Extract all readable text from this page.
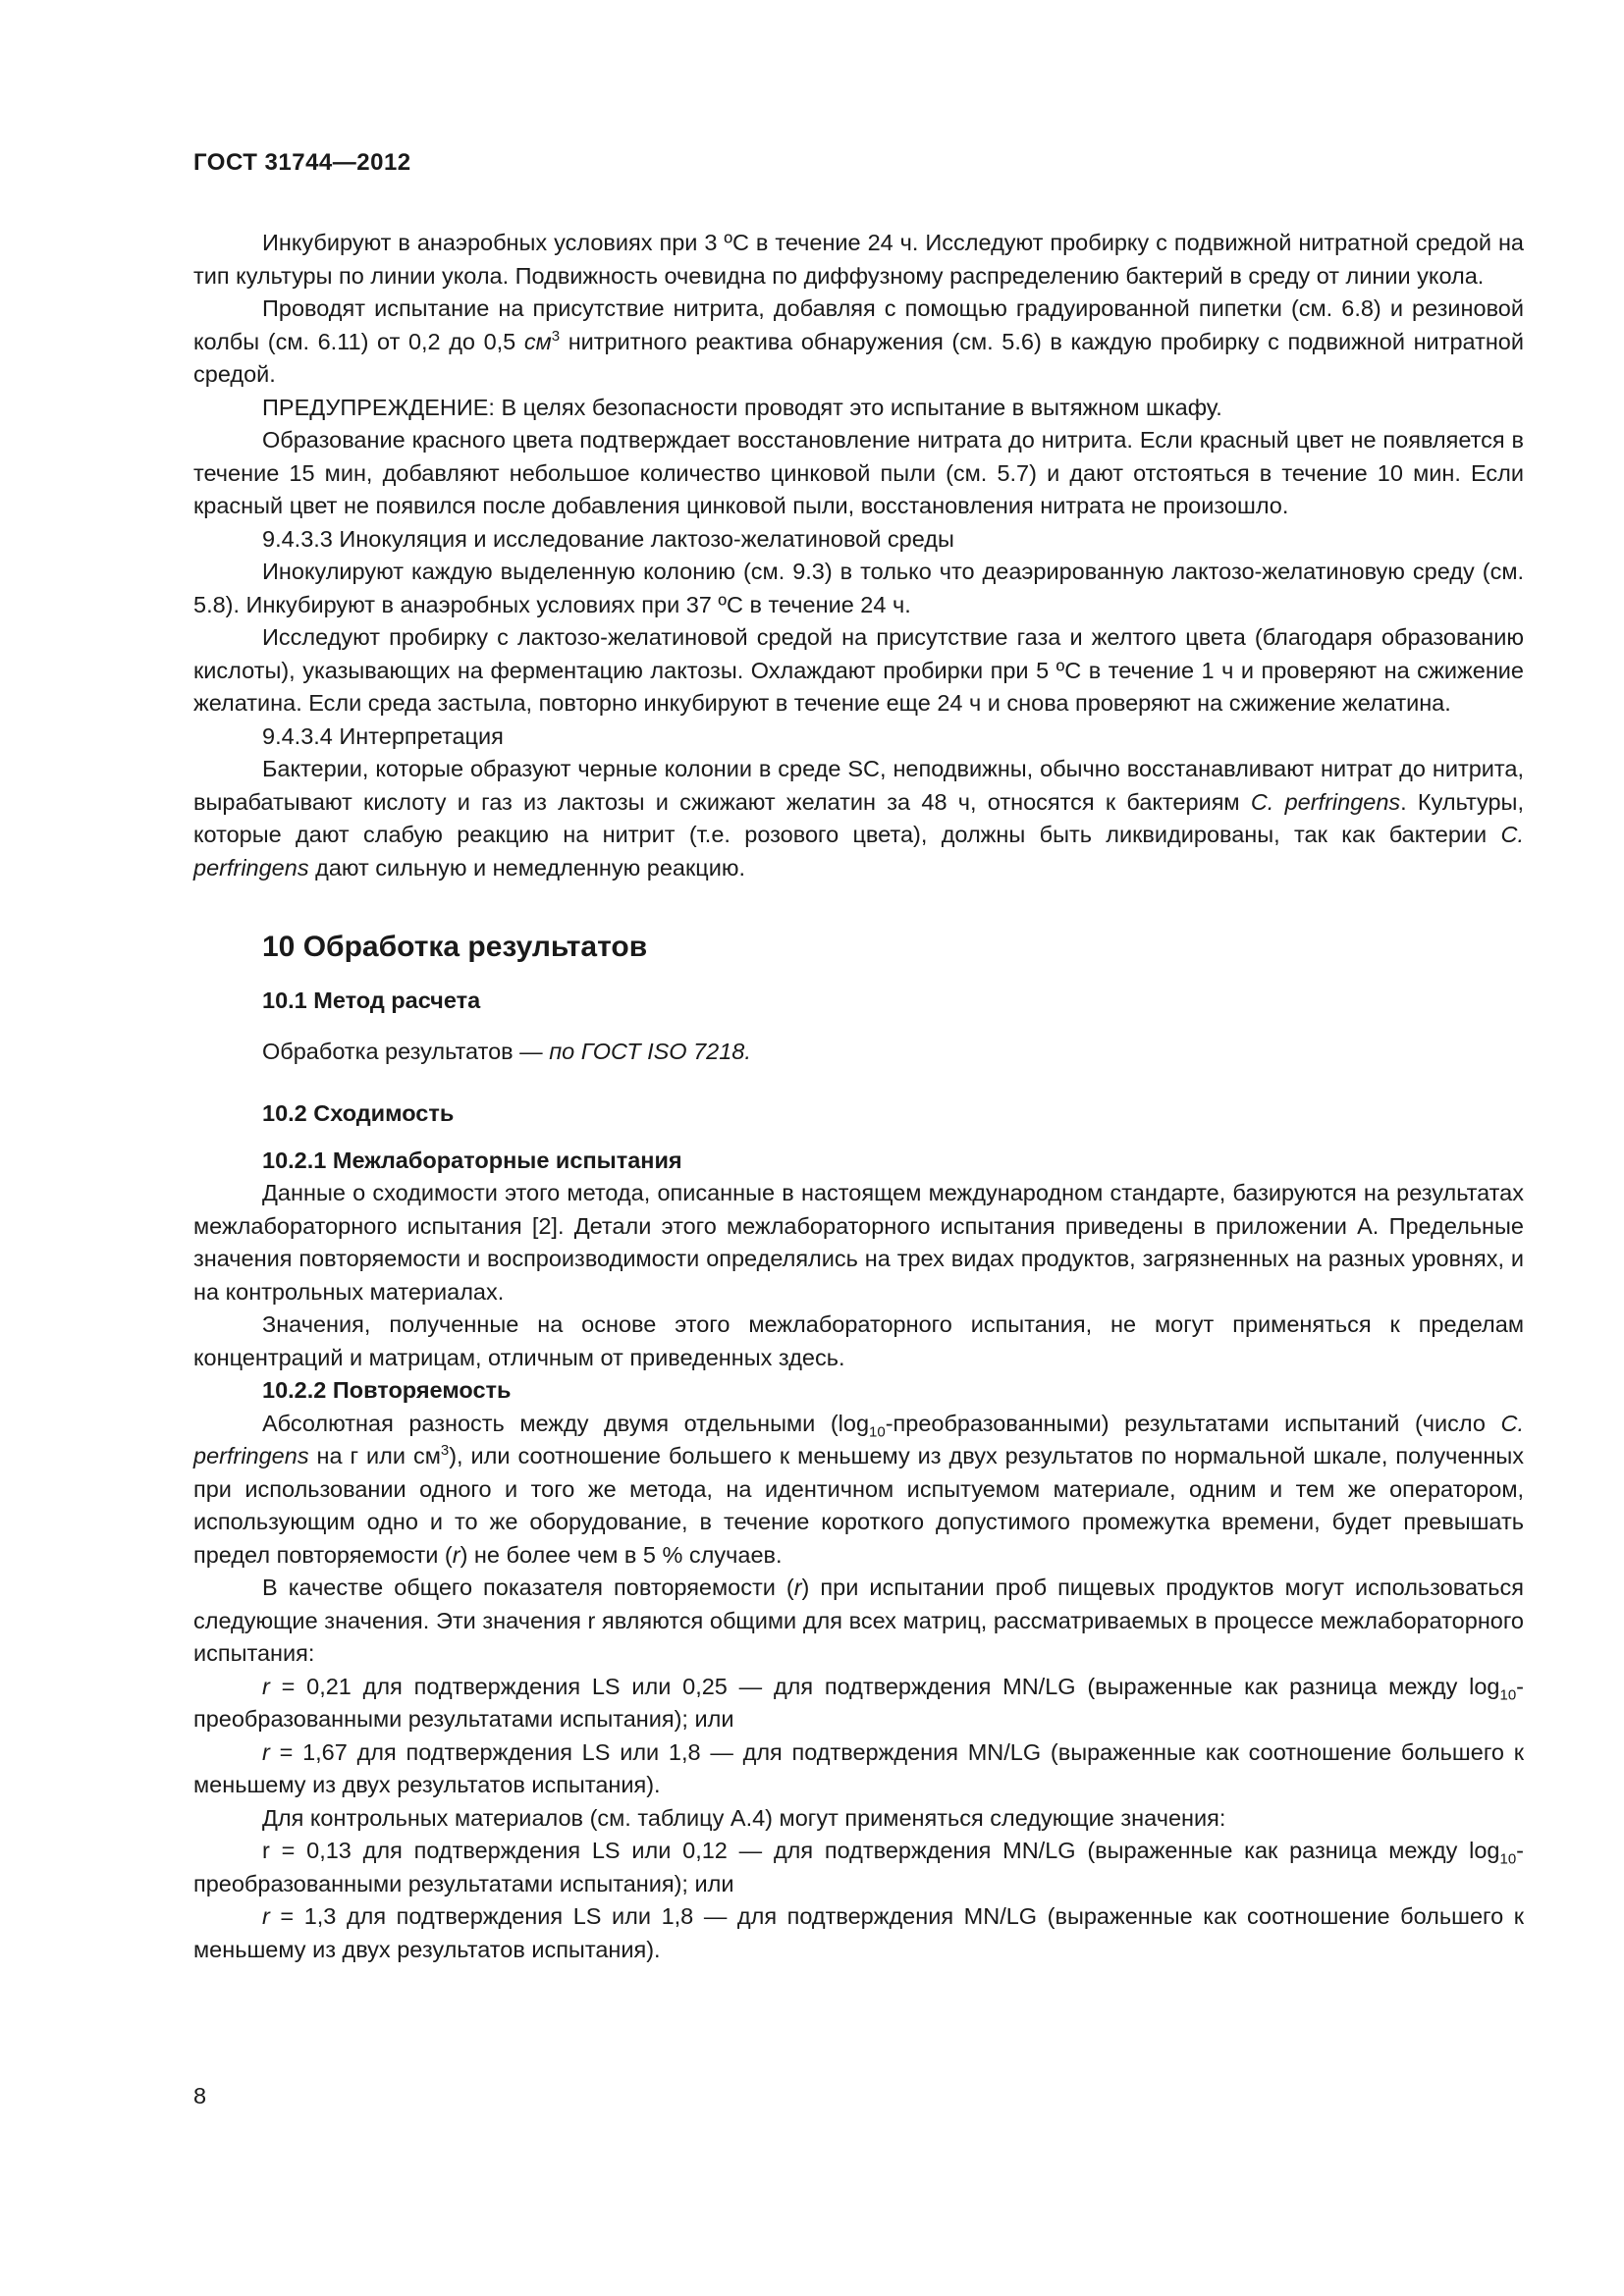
ГОСТ 31744—2012

Инкубируют в анаэробных условиях при 3 ºС в течение 24 ч. Исследуют пробирку с подвижной нитратной средой на тип культуры по линии укола. Подвижность очевидна по диффузному распределению бактерий в среду от линии укола.

Проводят испытание на присутствие нитрита, добавляя с помощью градуированной пипетки (см. 6.8) и резиновой колбы (см. 6.11) от 0,2 до 0,5 $см^3$ нитритного реактива обнаружения (см. 5.6) в каждую пробирку с подвижной нитратной средой.

ПРЕДУПРЕЖДЕНИЕ: В целях безопасности проводят это испытание в вытяжном шкафу.

Образование красного цвета подтверждает восстановление нитрата до нитрита. Если красный цвет не появляется в течение 15 мин, добавляют небольшое количество цинковой пыли (см. 5.7) и дают отстояться в течение 10 мин. Если красный цвет не появился после добавления цинковой пыли, восстановления нитрата не произошло.

9.4.3.3 Инокуляция и исследование лактозо-желатиновой среды

Инокулируют каждую выделенную колонию (см. 9.3) в только что деаэрированную лактозо-желатиновую среду (см. 5.8). Инкубируют в анаэробных условиях при 37 ºС в течение 24 ч.

Исследуют пробирку с лактозо-желатиновой средой на присутствие газа и желтого цвета (благодаря образованию кислоты), указывающих на ферментацию лактозы. Охлаждают пробирки при 5 ºС в течение 1 ч и проверяют на сжижение желатина. Если среда застыла, повторно инкубируют в течение еще 24 ч и снова проверяют на сжижение желатина.

9.4.3.4 Интерпретация

Бактерии, которые образуют черные колонии в среде SC, неподвижны, обычно восстанавливают нитрат до нитрита, вырабатывают кислоту и газ из лактозы и сжижают желатин за 48 ч, относятся к бактериям C. perfringens. Культуры, которые дают слабую реакцию на нитрит (т.е. розового цвета), должны быть ликвидированы, так как бактерии C. perfringens дают сильную и немедленную реакцию.

10 Обработка результатов
10.1 Метод расчета

Обработка результатов — по ГОСТ ISO 7218.

10.2 Сходимость
10.2.1 Межлабораторные испытания

Данные о сходимости этого метода, описанные в настоящем международном стандарте, базируются на результатах межлабораторного испытания [2]. Детали этого межлабораторного испытания приведены в приложении А. Предельные значения повторяемости и воспроизводимости определялись на трех видах продуктов, загрязненных на разных уровнях, и на контрольных материалах.

Значения, полученные на основе этого межлабораторного испытания, не могут применяться к пределам концентраций и матрицам, отличным от приведенных здесь.

10.2.2 Повторяемость

Абсолютная разность между двумя отдельными $(\log_{10}-преобразованными)$ результатами испытаний (число C. perfringens на г или $см^3$), или соотношение большего к меньшему из двух результатов по нормальной шкале, полученных при использовании одного и того же метода, на идентичном испытуемом материале, одним и тем же оператором, использующим одно и то же оборудование, в течение короткого допустимого промежутка времени, будет превышать предел повторяемости (r) не более чем в 5 % случаев.

В качестве общего показателя повторяемости (r) при испытании проб пищевых продуктов могут использоваться следующие значения. Эти значения r являются общими для всех матриц, рассматриваемых в процессе межлабораторного испытания:

r = 0,21 для подтверждения LS или 0,25 — для подтверждения MN/LG (выраженные как разница между $\log_{10}$-преобразованными результатами испытания); или

r = 1,67 для подтверждения LS или 1,8 — для подтверждения MN/LG (выраженные как соотношение большего к меньшему из двух результатов испытания).

Для контрольных материалов (см. таблицу А.4) могут применяться следующие значения:

r = 0,13 для подтверждения LS или 0,12 — для подтверждения MN/LG (выраженные как разница между $\log_{10}$-преобразованными результатами испытания); или

r = 1,3 для подтверждения LS или 1,8 — для подтверждения MN/LG (выраженные как соотношение большего к меньшему из двух результатов испытания).

8
